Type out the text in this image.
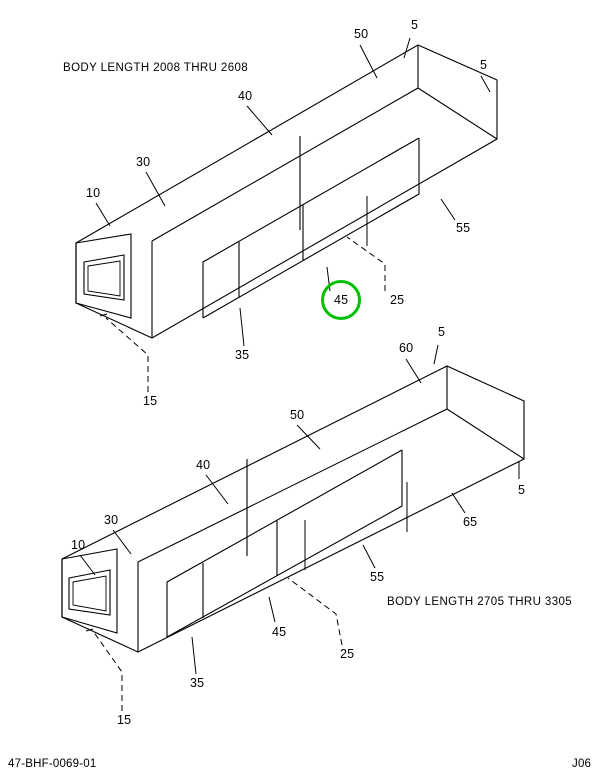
BODY LENGTH 2008 THRU 2608
BODY LENGTH 2705 THRU 3305
5
50
5
40
30
10
55
25
45
35
15
5
60
50
5
40
65
30
10
55
45
25
35
15
47-BHF-0069-01	J06
